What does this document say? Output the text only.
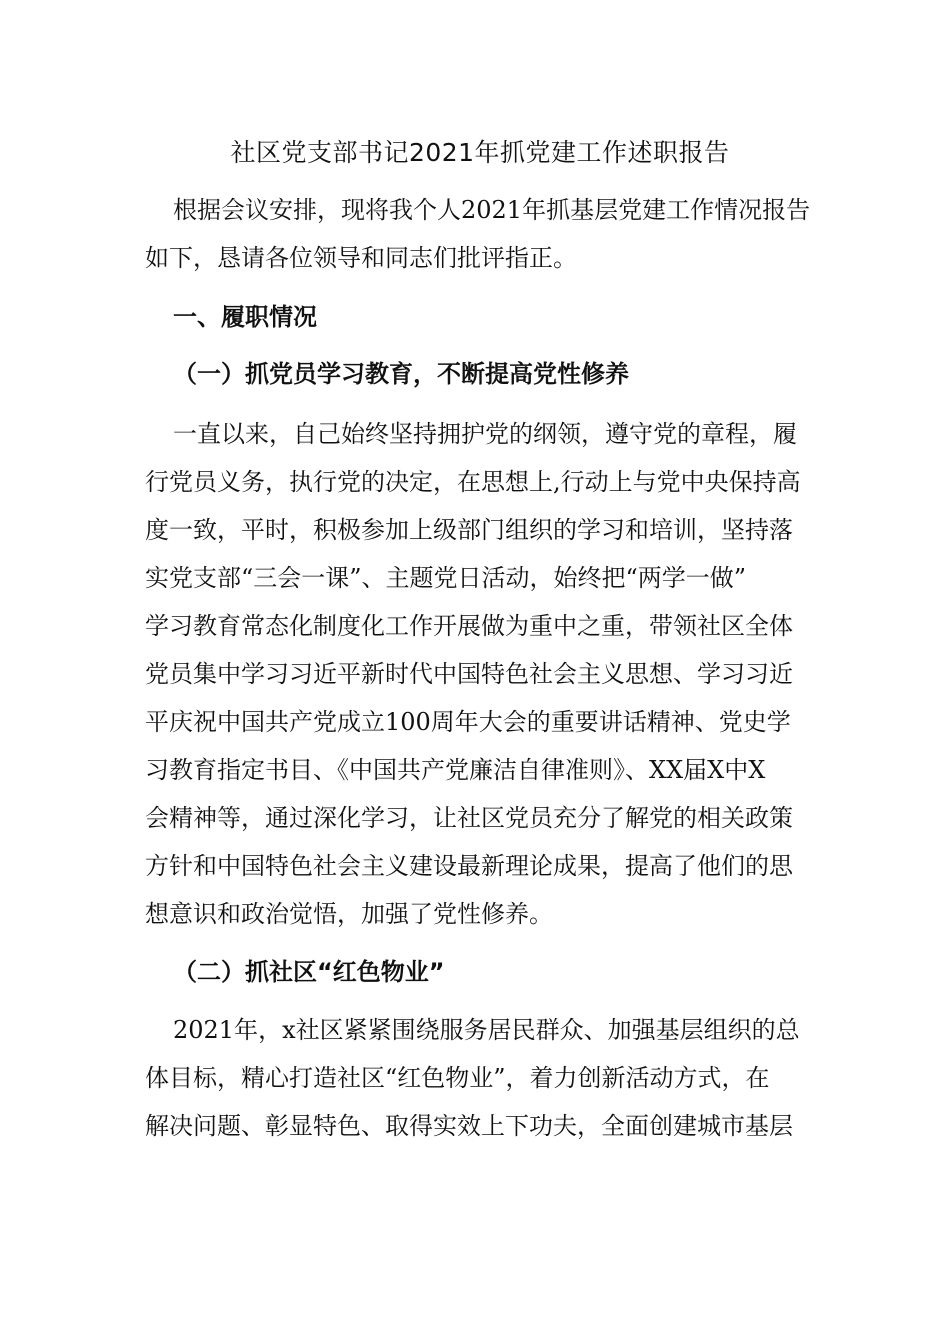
社区党支部书记2021年抓党建工作述职报告
根据会议安排，现将我个人2021年抓基层党建工作情况报告
如下，恳请各位领导和同志们批评指正。
一、履职情况
（一）抓党员学习教育，不断提高党性修养
一直以来，自己始终坚持拥护党的纲领，遵守党的章程，履
行党员义务，执行党的决定，在思想上,行动上与党中央保持高
度一致，平时，积极参加上级部门组织的学习和培训，坚持落
实党支部“三会一课”、主题党日活动，始终把“两学一做”
学习教育常态化制度化工作开展做为重中之重，带领社区全体
党员集中学习习近平新时代中国特色社会主义思想、学习习近
平庆祝中国共产党成立100周年大会的重要讲话精神、党史学
习教育指定书目、《中国共产党廉洁自律准则》、XX届X中X
会精神等，通过深化学习，让社区党员充分了解党的相关政策
方针和中国特色社会主义建设最新理论成果，提高了他们的思
想意识和政治觉悟，加强了党性修养。
（二）抓社区“红色物业”
2021年，x社区紧紧围绕服务居民群众、加强基层组织的总
体目标，精心打造社区“红色物业”，着力创新活动方式，在
解决问题、彰显特色、取得实效上下功夫，全面创建城市基层
